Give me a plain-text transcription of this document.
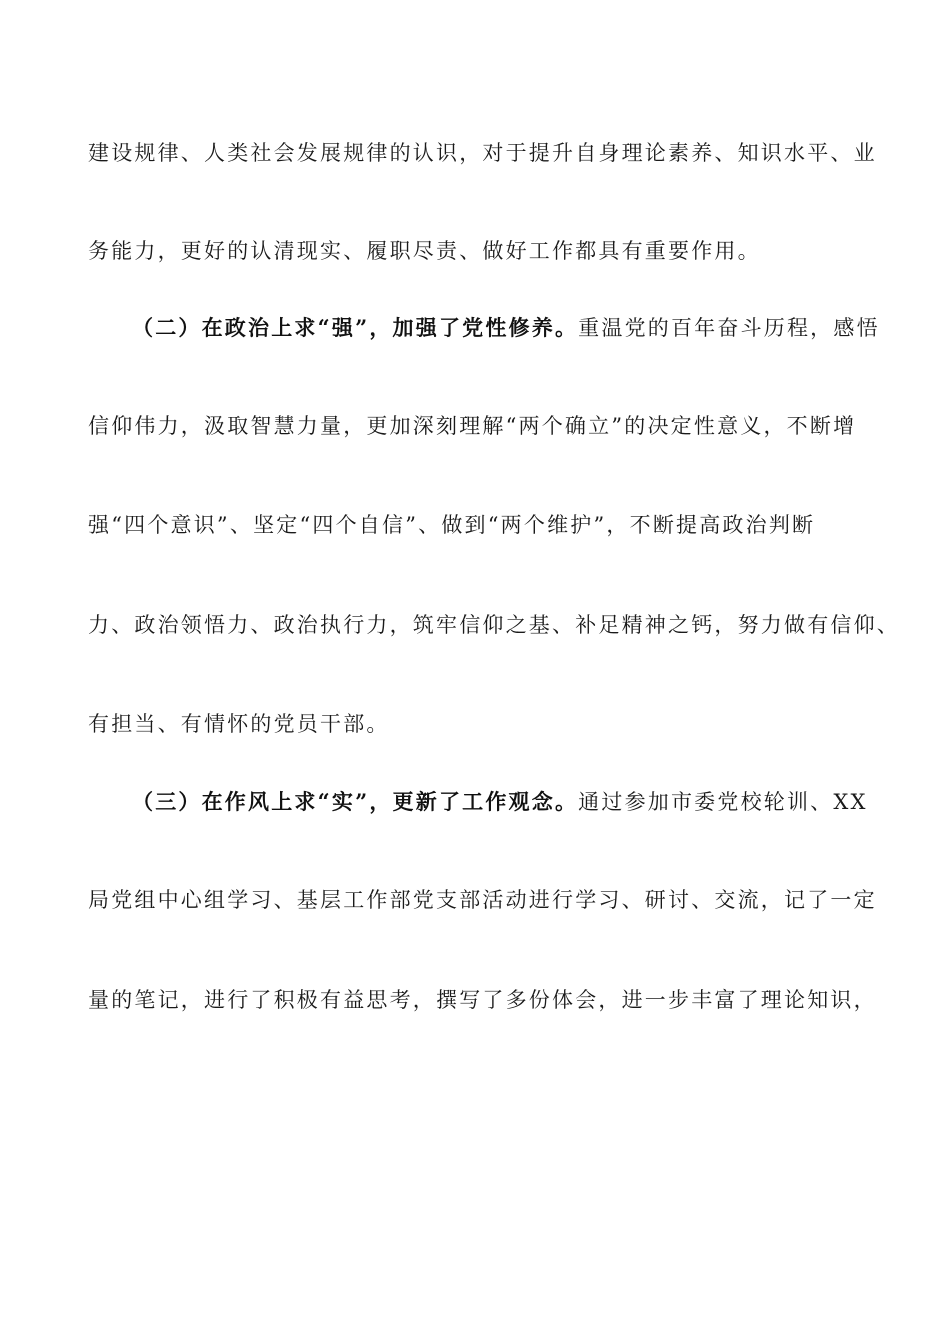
建设规律、人类社会发展规律的认识，对于提升自身理论素养、知识水平、业
务能力，更好的认清现实、履职尽责、做好工作都具有重要作用。
（二）在政治上求“强”，加强了党性修养。重温党的百年奋斗历程，感悟
信仰伟力，汲取智慧力量，更加深刻理解“两个确立”的决定性意义，不断增
强“四个意识”、坚定“四个自信”、做到“两个维护”，不断提高政治判断
力、政治领悟力、政治执行力，筑牢信仰之基、补足精神之钙，努力做有信仰、
有担当、有情怀的党员干部。
（三）在作风上求“实”，更新了工作观念。通过参加市委党校轮训、XX
局党组中心组学习、基层工作部党支部活动进行学习、研讨、交流，记了一定
量的笔记，进行了积极有益思考，撰写了多份体会，进一步丰富了理论知识，
